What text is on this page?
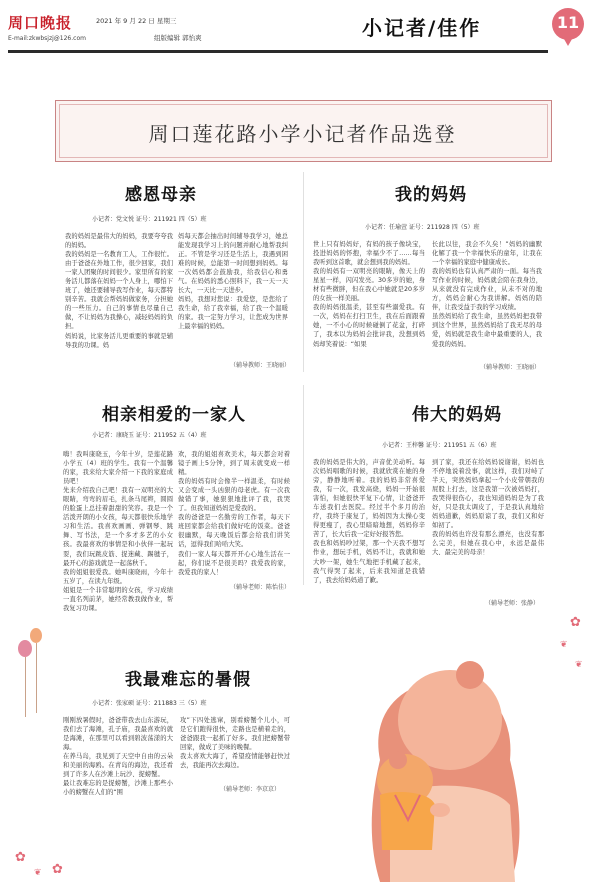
周口晚报
E-mail:zkwbsjzj@126.com
2021 年 9 月 22 日 星期三
组版编辑 郭怡爽	小记者/佳作	11
周口莲花路小学小记者作品选登
感恩母亲
小记者：党文悦 证号：211921 四（5）班
我的妈妈是最伟大的妈妈，我要夸夸我的妈妈。
我的妈妈是一名教育工人，工作很忙。由于爸爸在外地工作，很少回家，我们一家人团聚的时间很少。家里所有的家务活儿都落在妈妈一个人身上，哪怕下班了，她还要辅导我写作业，每天都特别辛苦。我就会帮妈妈做家务，分担她的一些压力。自己的事情也尽量自己做，不让妈妈为我操心，减轻妈妈的负担。
妈妈说，比家务活儿更重要的事就是辅导我的功课。妈
妈每天都会抽出时间辅导我学习，她总能发现我学习上的问题并耐心地帮我纠正。不管是学习还是生活上，我遇到困难的时候，总能第一时间想到妈妈。每一次妈妈都会鼓励我，给我信心和勇气。在妈妈的悉心照料下，我一天一天长大，一天比一天进步。
妈妈，我想对您说：我爱您，是您给了我生命，给了我幸福，给了我一个温暖的家。我一定努力学习，让您成为世界上最幸福的妈妈。
（辅导教师：王晓丽）
我的妈妈
小记者：任瑜萱 证号：211928 四（5）班
世上只有妈妈好，有妈的孩子像块宝，投进妈妈的怀抱，幸福少不了……每当我听到这首歌，就会想到我的妈妈。
我的妈妈有一双明亮的眼睛，像天上的星星一样，闪闪发亮。30多岁的她，身材有些微胖，但在我心中她就是20多岁的女孩一样美丽。
我的妈妈很温柔，甚至有些溺爱我。有一次，妈妈在打扫卫生，我在后面跟着她，一不小心的时候碰倒了花盆，打碎了，我本以为妈妈会批评我，没想到妈妈却笑着说：“如果
长此以往，我会不久矣！”妈妈的幽默化解了我一个幸福快乐的童年，让我在一个幸福的家庭中健康成长。
我的妈妈也有认真严肃的一面。每当我写作业的时候，妈妈就会陪在我身边，从来就没有完成作业，从未不对的地方，妈妈会耐心为我讲解。妈妈的陪伴，让我受益于我的学习成绩。
虽然妈妈给了我生命，虽然妈妈把我带到这个世界，虽然妈妈给了我无尽的母爱，妈妈就是我生命中最重要的人，我爱我的妈妈。
（辅导教师：王晓丽）
相亲相爱的一家人
小记者：康晓玉 证号：211952 五（4）班
嗨！我叫康晓玉，今年十岁，是莲花路小学五（4）班的学生。我有一个温馨的家，我来给大家介绍一下我的家庭成员吧！
先来介绍我自己吧！我有一双明亮的大眼睛，弯弯的眉毛，扎条马尾辫，圆圆的脸蛋上总挂着甜甜的笑容。我是一个活泼开朗的小女孩，每天都很快乐地学习和生活。我喜欢画画、弹钢琴、跳舞、写书法，是一个多才多艺的小女孩。我最喜欢的事情是和小伙伴一起玩耍，我们玩跳皮筋、捉迷藏、踢毽子，最开心的游戏就是一起荡秋千。
我的姐姐很爱我。她叫康晓雨，今年十五岁了，在读九年级。
姐姐是一个非常聪明的女孩，学习成绩一直名列前茅，她经常教我做作业，帮我复习功课。
欢，我的姐姐喜欢美术，每天都会对着镜子画上5分钟，到了周末就变成一样精。
我的妈妈有时会像半一样温柔，有时候又会变成一头凶狠的母老虎。有一次我做错了事，她狠狠地批评了我，我哭了。但我知道妈妈是爱我的。
我的爸爸是一名勤劳的工作者，每天下班回家都会给我们做好吃的饭菜。爸爸很幽默，每天晚饭后都会给我们讲笑话，逗得我们哈哈大笑。
我们一家人每天都开开心心地生活在一起，你们说不是很美吗？我爱我的家，我爱我的家人！
（辅导老师：陈怡佳）
伟大的妈妈
小记者：王梓馨 证号：211951 五（6）班
我的妈妈是伟大的，声音优美动听。每次妈妈唱歌的时候，我就欣赏在她的身旁，静静地听着。我的妈妈非常喜爱我，有一次，我发高烧，妈妈一开始很害怕，但她很快平复下心情，让爸爸开车送我们去医院。经过半个多月的治疗，我终于康复了，妈妈因为太操心变得更瘦了，我心里暗暗地想，妈妈你辛苦了，长大后我一定好好报答您。
我也和妈妈吵过架，那一个天我不想写作业，想玩手机，妈妈不让，我就和她大吵一架，她生气地把手机藏了起来，我气得哭了起来，后来我知道是我错了，我去给妈妈道了歉。
到了家，我还在给妈妈说谢谢，妈妈也不停地说着没事，就这样，我们对峙了半天，突然妈妈拿起一个小皮带朝我的屁股上打去，这是我第一次被妈妈打，我哭得很伤心，我也知道妈妈是为了我好，只是我太调皮了，于是我认真地给妈妈道歉，妈妈原谅了我，我们又和好如初了。
我的妈妈也许没有那么漂亮，也没有那么完美，但她在我心中，永远是最伟大、最完美的母亲！
（辅导老师：张静）
我最难忘的暑假
小记者：张家硕 证号：211883 三（5）班
刚刚放暑假时，爸爸带我去山东游玩，我们去了海滩，孔子庙，我最喜欢的就是海滩，在那里可以看到碧波荡漾的大海。
在养马岛，我见到了天空中自由的云朵和美丽的海鸥。在青岛的海边，我还看到了许多人在沙滩上玩沙、捉螃蟹。
最让我难忘的是捉螃蟹，沙滩上那些小小的螃蟹在人们的“围
攻”下四处逃窜，别看螃蟹个儿小，可是它们跑得很快，走路也是横着走的，爸爸跟我一起抓了好多。我们把螃蟹带回家，做成了美味的晚餐。
我太喜欢大海了，希望疫情能够赶快过去，我能再次去海边。
（辅导老师：李京京）
✿
✿
❦
✿
❦
❦
